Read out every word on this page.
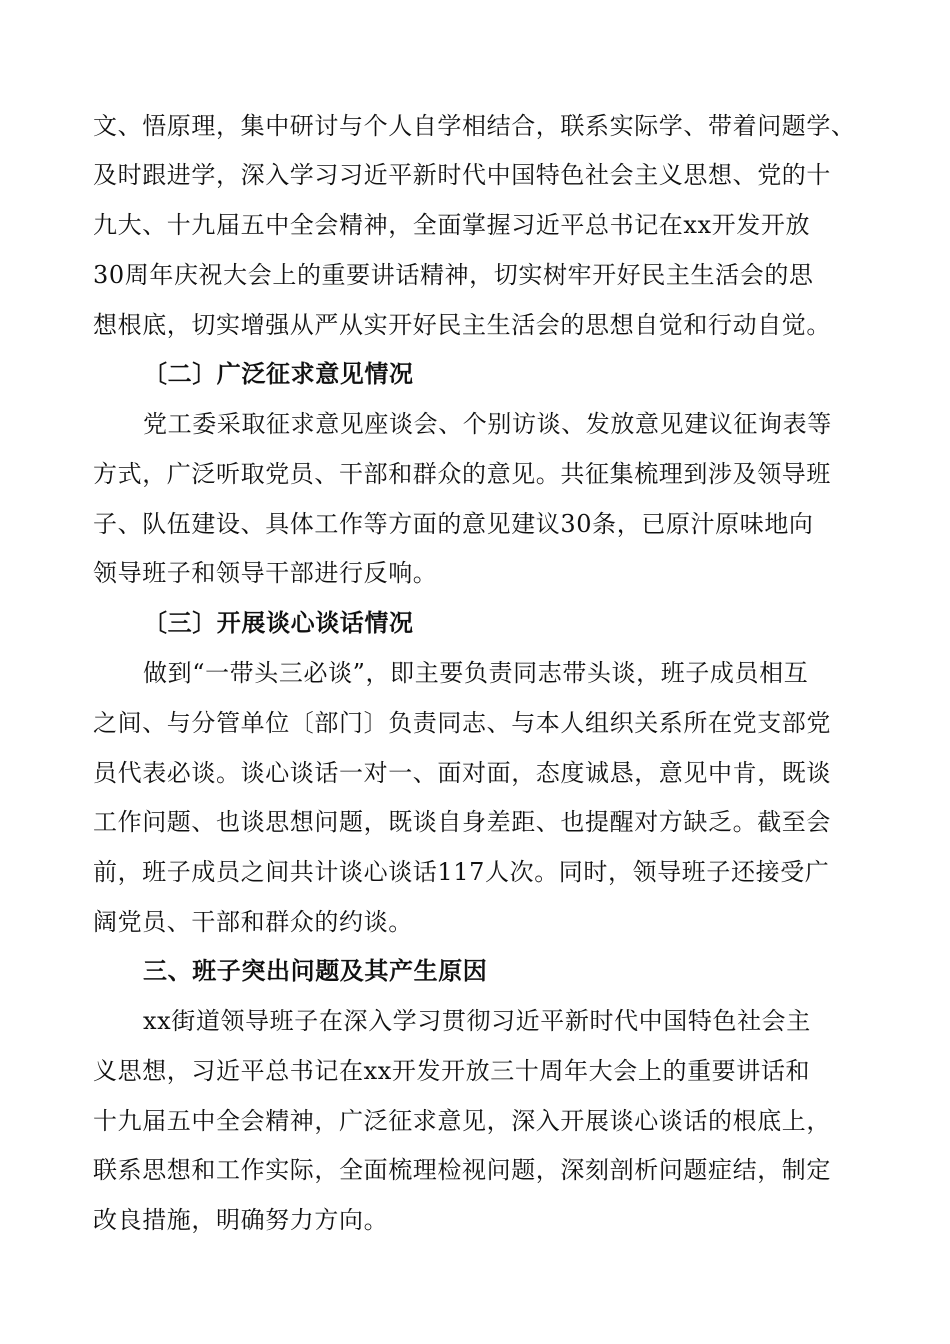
文、悟原理，集中研讨与个人自学相结合，联系实际学、带着问题学、
及时跟进学，深入学习习近平新时代中国特色社会主义思想、党的十
九大、十九届五中全会精神，全面掌握习近平总书记在xx开发开放
30周年庆祝大会上的重要讲话精神，切实树牢开好民主生活会的思
想根底，切实增强从严从实开好民主生活会的思想自觉和行动自觉。
〔二〕广泛征求意见情况
党工委采取征求意见座谈会、个别访谈、发放意见建议征询表等
方式，广泛听取党员、干部和群众的意见。共征集梳理到涉及领导班
子、队伍建设、具体工作等方面的意见建议30条，已原汁原味地向
领导班子和领导干部进行反响。
〔三〕开展谈心谈话情况
做到“一带头三必谈”，即主要负责同志带头谈，班子成员相互
之间、与分管单位〔部门〕负责同志、与本人组织关系所在党支部党
员代表必谈。谈心谈话一对一、面对面，态度诚恳，意见中肯，既谈
工作问题、也谈思想问题，既谈自身差距、也提醒对方缺乏。截至会
前，班子成员之间共计谈心谈话117人次。同时，领导班子还接受广
阔党员、干部和群众的约谈。
三、班子突出问题及其产生原因
xx街道领导班子在深入学习贯彻习近平新时代中国特色社会主
义思想，习近平总书记在xx开发开放三十周年大会上的重要讲话和
十九届五中全会精神，广泛征求意见，深入开展谈心谈话的根底上，
联系思想和工作实际，全面梳理检视问题，深刻剖析问题症结，制定
改良措施，明确努力方向。
